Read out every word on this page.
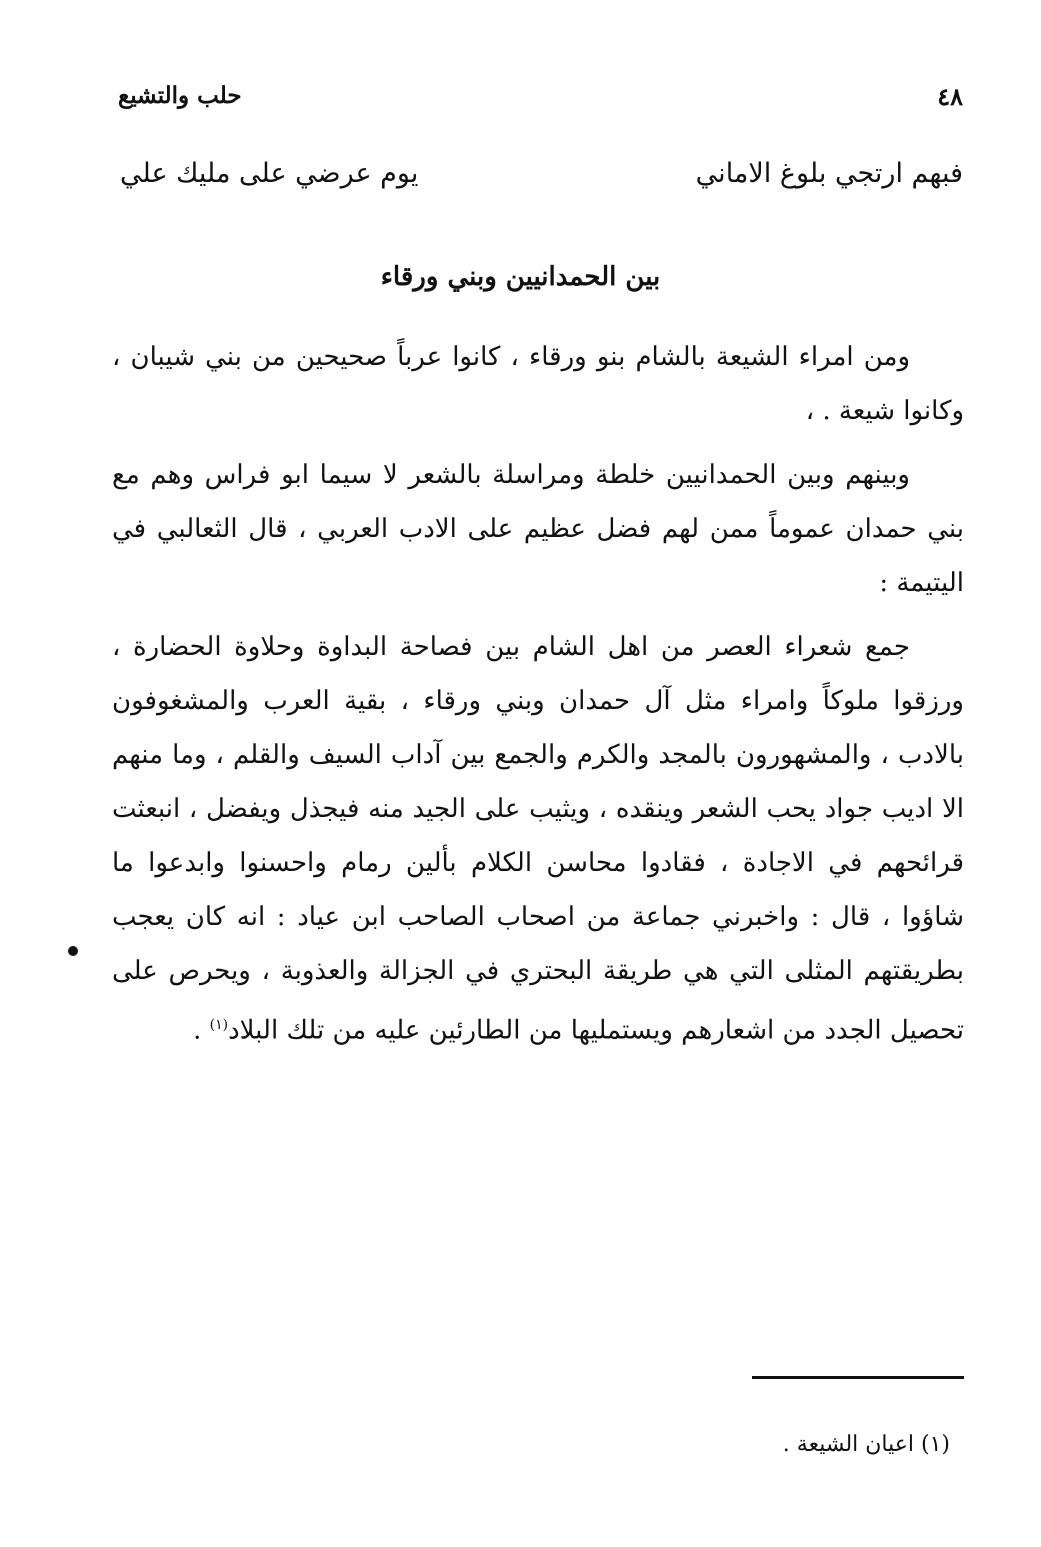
حلب والتشيع	٤٨
فبهم ارتجي بلوغ الاماني
يوم عرضي على مليك علي
بين الحمدانيين وبني ورقاء
ومن امراء الشيعة بالشام بنو ورقاء ، كانوا عرباً صحيحين من بني شيبان ، وكانوا شيعة . ،
وبينهم وبين الحمدانيين خلطة ومراسلة بالشعر لا سيما ابو فراس وهم مع بني حمدان عموماً ممن لهم فضل عظيم على الادب العربي ، قال الثعالبي في اليتيمة :
جمع شعراء العصر من اهل الشام بين فصاحة البداوة وحلاوة الحضارة ، ورزقوا ملوكاً وامراء مثل آل حمدان وبني ورقاء ، بقية العرب والمشغوفون بالادب ، والمشهورون بالمجد والكرم والجمع بين آداب السيف والقلم ، وما منهم الا اديب جواد يحب الشعر وينقده ، ويثيب على الجيد منه فيجذل ويفضل ، انبعثت قرائحهم في الاجادة ، فقادوا محاسن الكلام بألين رمام واحسنوا وابدعوا ما شاؤوا ، قال : واخبرني جماعة من اصحاب الصاحب ابن عياد : انه كان يعجب بطريقتهم المثلى التي هي طريقة البحتري في الجزالة والعذوبة ، ويحرص على تحصيل الجدد من اشعارهم ويستمليها من الطارئين عليه من تلك البلاد$^{(١)}$ .
(١) اعيان الشيعة .
